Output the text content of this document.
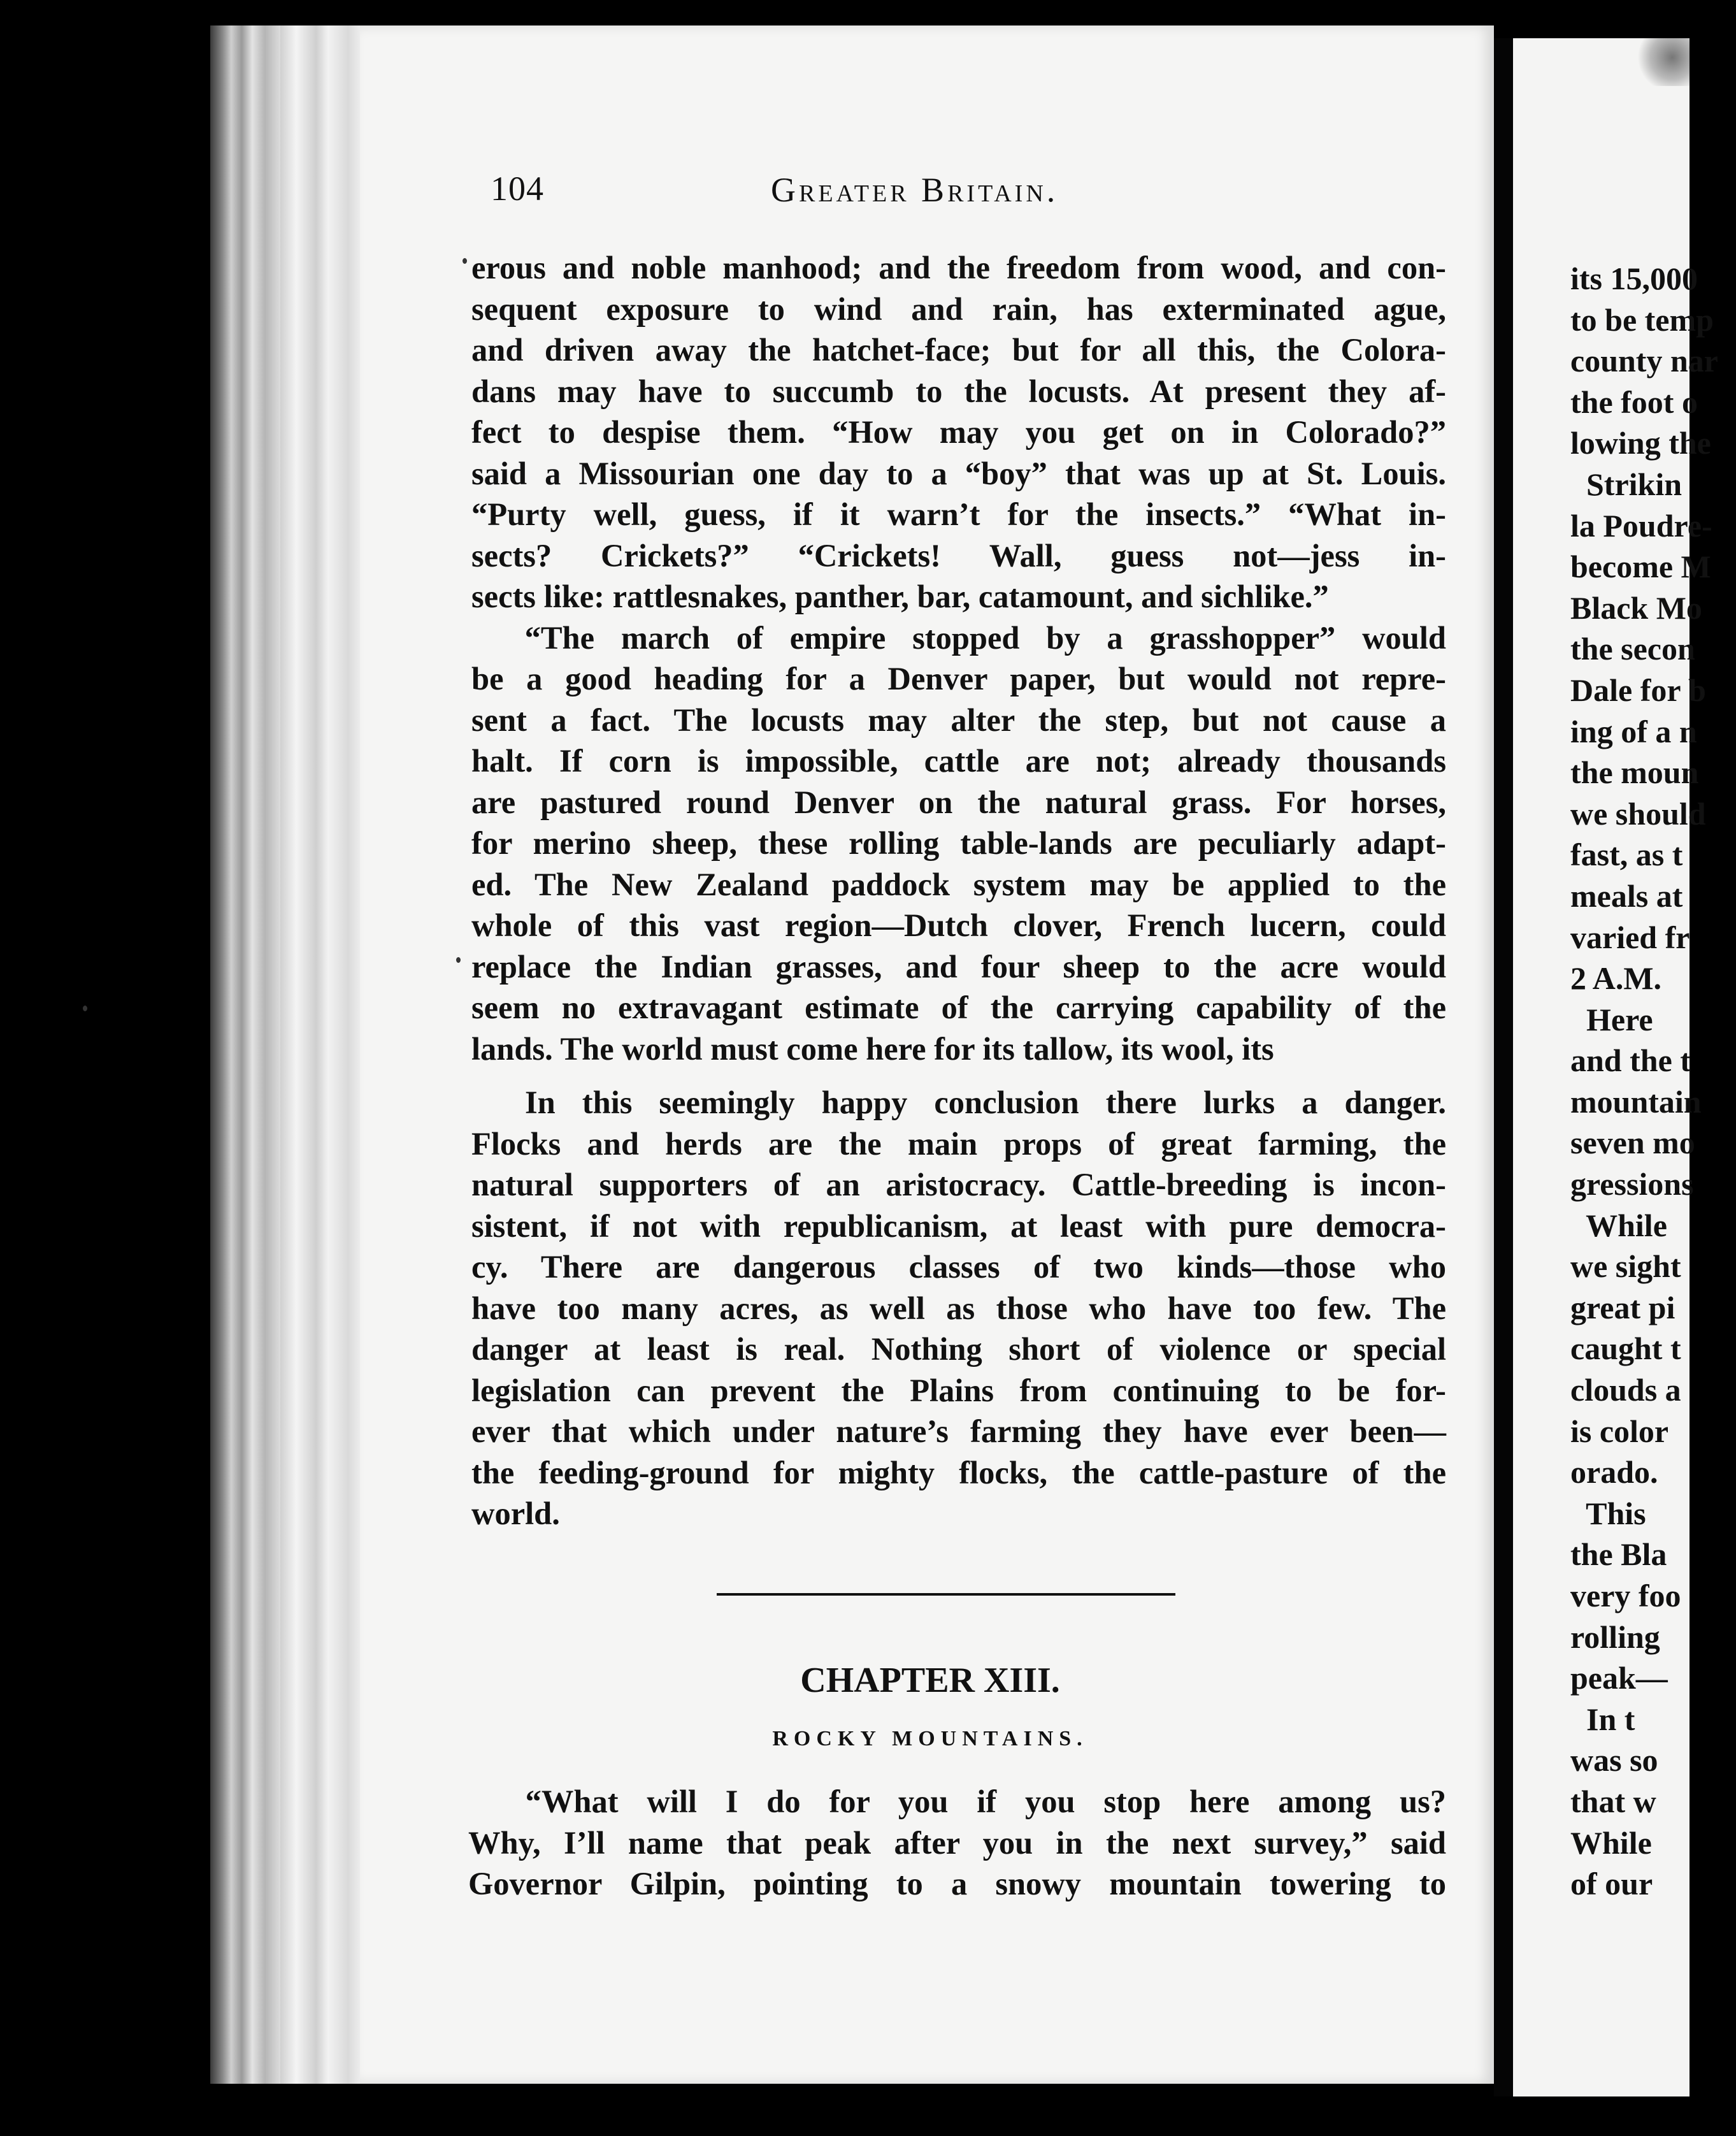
104	Greater Britain.
erous and noble manhood; and the freedom from wood, and con-
sequent exposure to wind and rain, has exterminated ague,
and driven away the hatchet-face; but for all this, the Colora-
dans may have to succumb to the locusts. At present they af-
fect to despise them. “How may you get on in Colorado?”
said a Missourian one day to a “boy” that was up at St. Louis.
“Purty well, guess, if it warn’t for the insects.” “What in-
sects? Crickets?” “Crickets! Wall, guess not—jess in-
sects like: rattlesnakes, panther, bar, catamount, and sichlike.”
“The march of empire stopped by a grasshopper” would
be a good heading for a Denver paper, but would not repre-
sent a fact. The locusts may alter the step, but not cause a
halt. If corn is impossible, cattle are not; already thousands
are pastured round Denver on the natural grass. For horses,
for merino sheep, these rolling table-lands are peculiarly adapt-
ed. The New Zealand paddock system may be applied to the
whole of this vast region—Dutch clover, French lucern, could
replace the Indian grasses, and four sheep to the acre would
seem no extravagant estimate of the carrying capability of the
lands. The world must come here for its tallow, its wool, its
In this seemingly happy conclusion there lurks a danger.
Flocks and herds are the main props of great farming, the
natural supporters of an aristocracy. Cattle-breeding is incon-
sistent, if not with republicanism, at least with pure democra-
cy. There are dangerous classes of two kinds—those who
have too many acres, as well as those who have too few. The
danger at least is real. Nothing short of violence or special
legislation can prevent the Plains from continuing to be for-
ever that which under nature’s farming they have ever been—
the feeding-ground for mighty flocks, the cattle-pasture of the
world.
CHAPTER XIII.
ROCKY MOUNTAINS.
“What will I do for you if you stop here among us?
Why, I’ll name that peak after you in the next survey,” said
Governor Gilpin, pointing to a snowy mountain towering to
its 15,000
to be temp
county nar
the foot o
lowing the
Strikin
la Poudre-
become M
Black Mo
the secon
Dale for b
ing of a n
the moun
we should
fast, as t
meals at
varied fr
2 A.M.
Here
and the t
mountain
seven mo
gressions
While
we sight
great pi
caught t
clouds a
is color
orado.
This
the Bla
very foo
rolling
peak—
In t
was so
that w
While
of our
